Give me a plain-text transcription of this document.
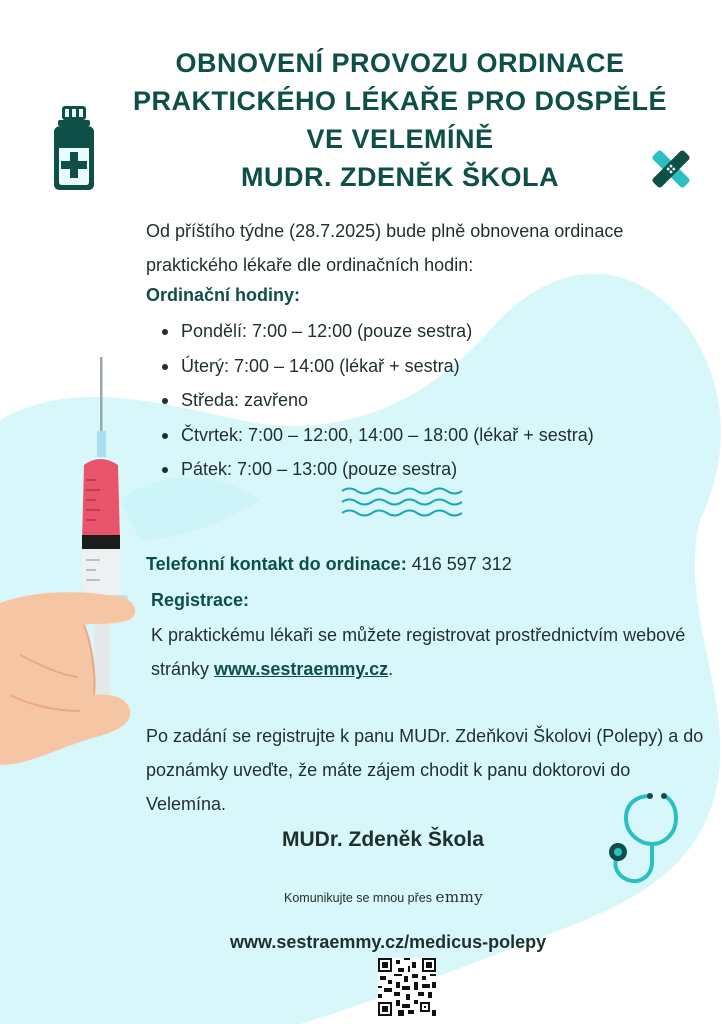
OBNOVENÍ PROVOZU ORDINACE
PRAKTICKÉHO LÉKAŘE PRO DOSPĚLÉ
VE VELEMÍNĚ
MUDR. ZDENĚK ŠKOLA

Od příštího týdne (28.7.2025) bude plně obnovena ordinace praktického lékaře dle ordinačních hodin:

Ordinační hodiny:
Pondělí: 7:00 – 12:00 (pouze sestra)
Úterý: 7:00 – 14:00 (lékař + sestra)
Středa: zavřeno
Čtvrtek: 7:00 – 12:00, 14:00 – 18:00 (lékař + sestra)
Pátek: 7:00 – 13:00 (pouze sestra)
Telefonní kontakt do ordinace: 416 597 312
Registrace:

K praktickému lékaři se můžete registrovat prostřednictvím webové stránky www.sestraemmy.cz.

Po zadání se registrujte k panu MUDr. Zdeňkovi Školovi (Polepy) a do poznámky uveďte, že máte zájem chodit k panu doktorovi do Velemína.

MUDr. Zdeněk Škola
Komunikujte se mnou přes emmy
www.sestraemmy.cz/medicus-polepy
